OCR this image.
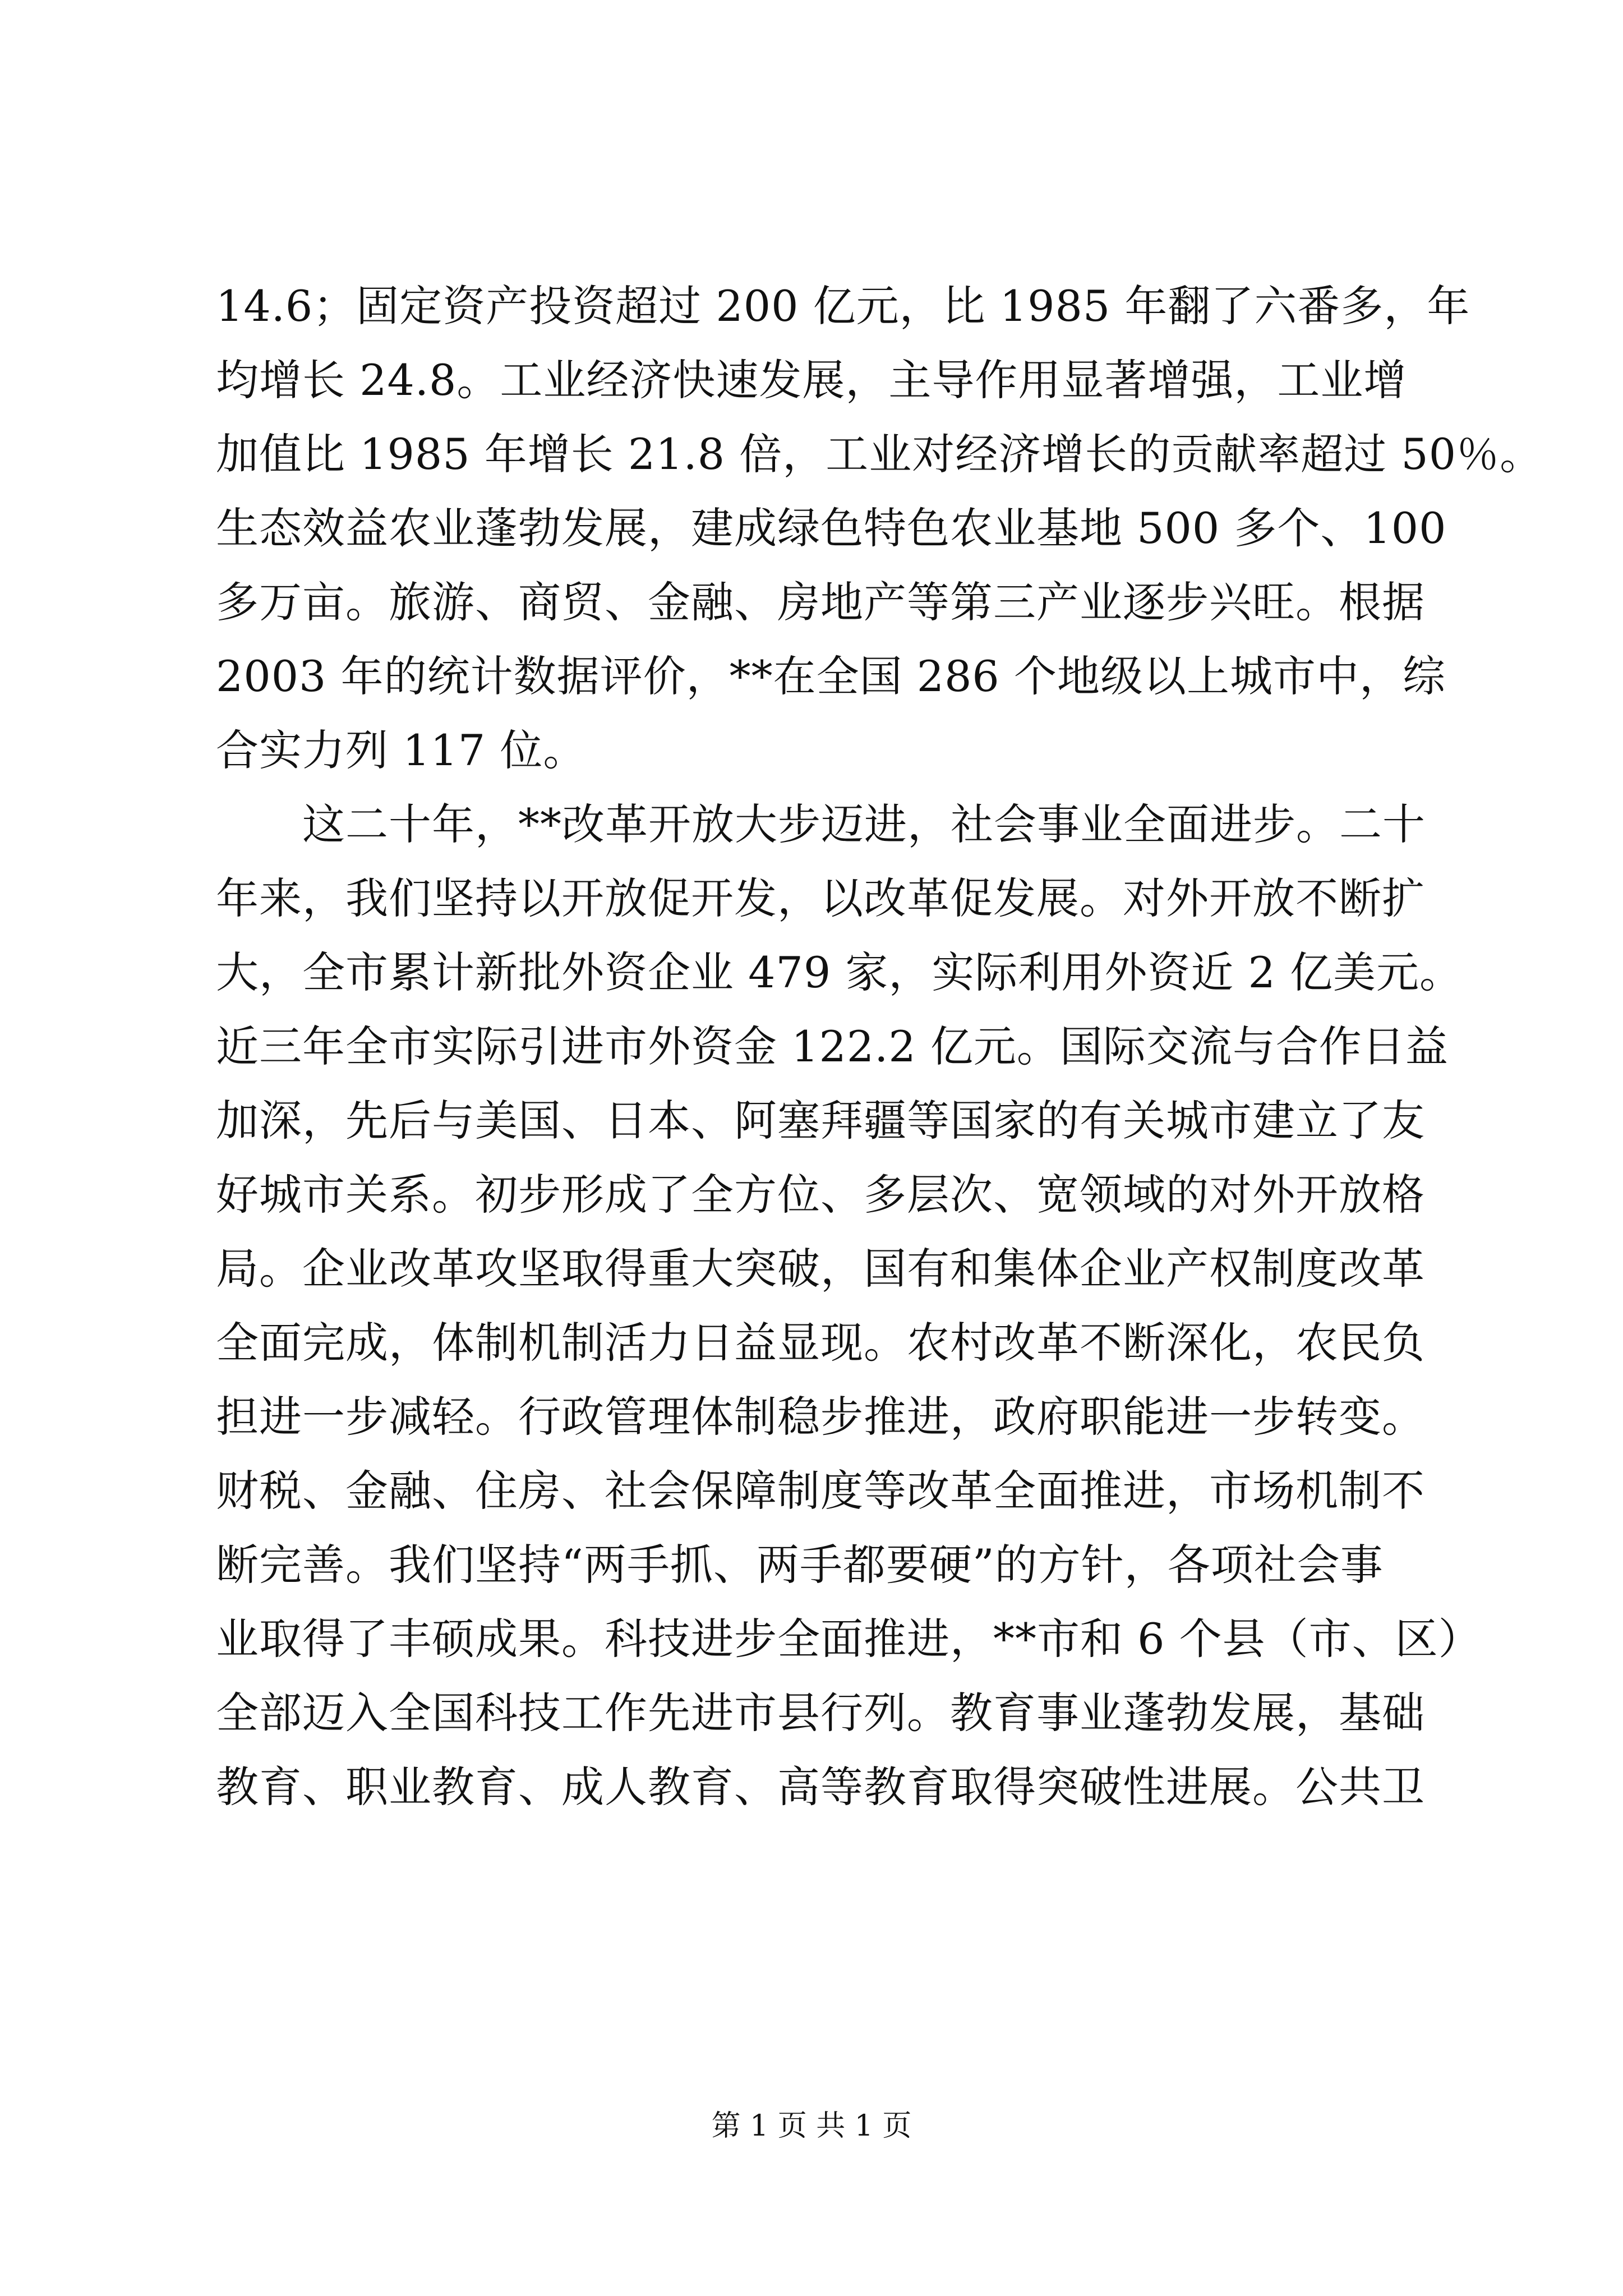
14.6；固定资产投资超过 200 亿元，比 1985 年翻了六番多，年
均增长 24.8。工业经济快速发展，主导作用显著增强，工业增
加值比 1985 年增长 21.8 倍，工业对经济增长的贡献率超过 50％。
生态效益农业蓬勃发展，建成绿色特色农业基地 500 多个、100
多万亩。旅游、商贸、金融、房地产等第三产业逐步兴旺。根据
2003 年的统计数据评价，**在全国 286 个地级以上城市中，综
合实力列 117 位。
　　这二十年，**改革开放大步迈进，社会事业全面进步。二十
年来，我们坚持以开放促开发，以改革促发展。对外开放不断扩
大，全市累计新批外资企业 479 家，实际利用外资近 2 亿美元。
近三年全市实际引进市外资金 122.2 亿元。国际交流与合作日益
加深，先后与美国、日本、阿塞拜疆等国家的有关城市建立了友
好城市关系。初步形成了全方位、多层次、宽领域的对外开放格
局。企业改革攻坚取得重大突破，国有和集体企业产权制度改革
全面完成，体制机制活力日益显现。农村改革不断深化，农民负
担进一步减轻。行政管理体制稳步推进，政府职能进一步转变。
财税、金融、住房、社会保障制度等改革全面推进，市场机制不
断完善。我们坚持“两手抓、两手都要硬”的方针，各项社会事
业取得了丰硕成果。科技进步全面推进，**市和 6 个县（市、区）
全部迈入全国科技工作先进市县行列。教育事业蓬勃发展，基础
教育、职业教育、成人教育、高等教育取得突破性进展。公共卫
第 1 页 共 1 页
